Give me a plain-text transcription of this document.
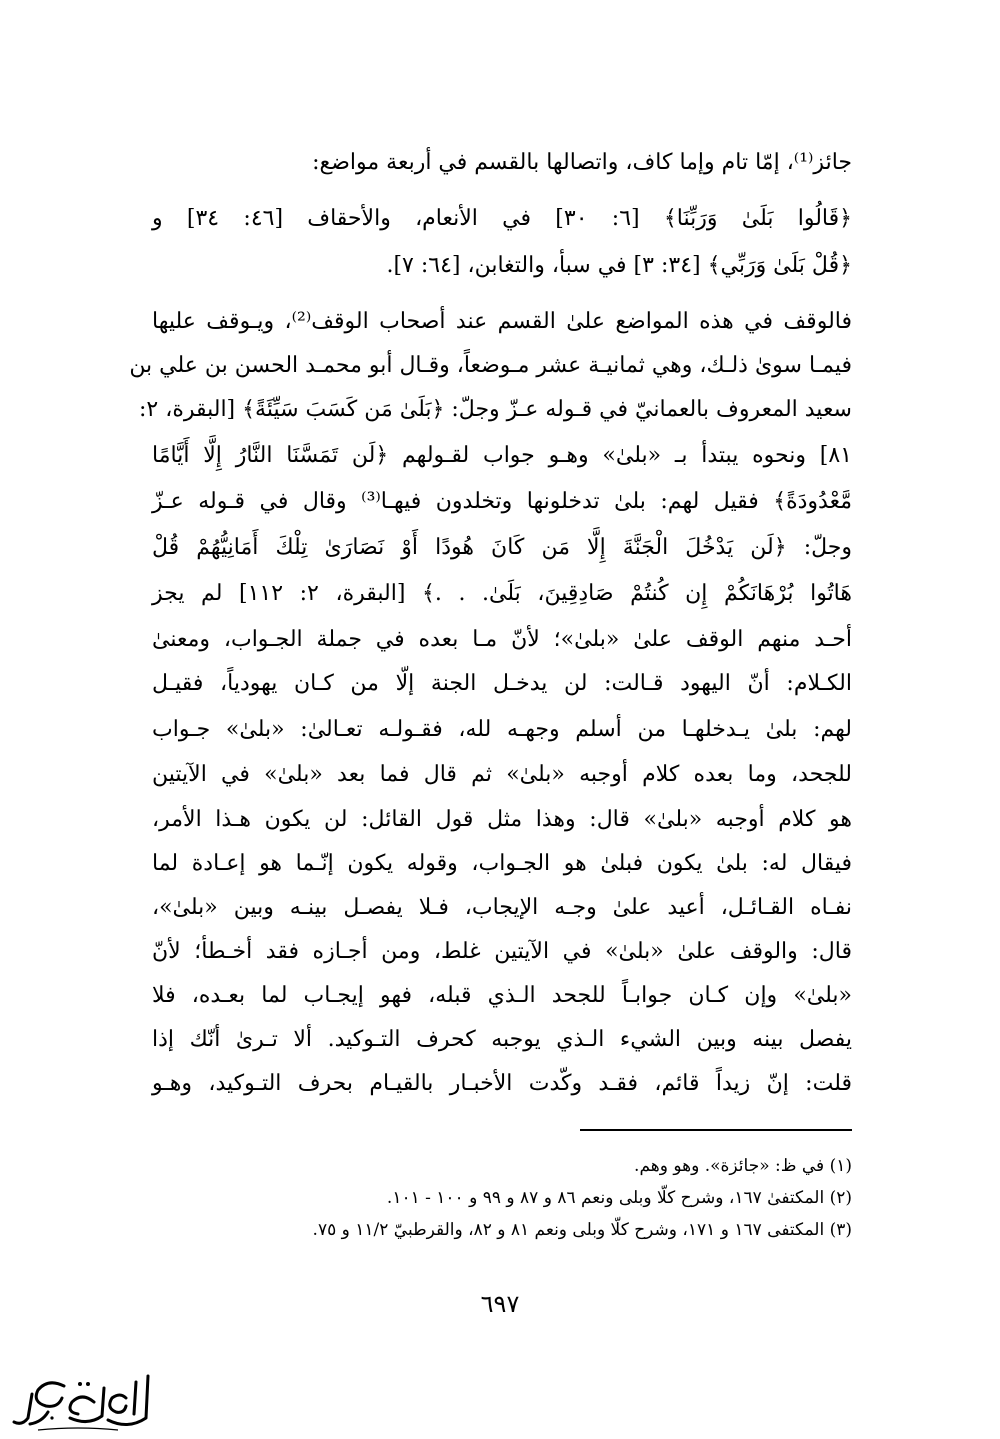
جائز⁽¹⁾، إمّا تام وإما كاف، واتصالها بالقسم في أربعة مواضع:
﴿قَالُوا بَلَىٰ وَرَبِّنَا﴾ [٦: ٣٠] في الأنعام، والأحقاف [٤٦: ٣٤] و
﴿قُلْ بَلَىٰ وَرَبِّي﴾ [٣٤: ٣] في سبأ، والتغابن، [٦٤: ٧].
فالوقف في هذه المواضع علىٰ القسم عند أصحاب الوقف⁽²⁾، ويـوقف عليها
فيمـا سوىٰ ذلـك، وهي ثمانيـة عشر مـوضعاً، وقـال أبو محمـد الحسن بن علي بن
سعيد المعروف بالعمانيّ في قـوله عـزّ وجلّ: ﴿بَلَىٰ مَن كَسَبَ سَيِّئَةً﴾ [البقرة، ٢:
٨١] ونحوه يبتدأ بـ «بلىٰ» وهـو جواب لقـولهم ﴿لَن تَمَسَّنَا النَّارُ إِلَّا أَيَّامًا
مَّعْدُودَةً﴾ فقيل لهم: بلىٰ تدخلونها وتخلدون فيهـا⁽³⁾ وقال في قـوله عـزّ
وجلّ: ﴿لَن يَدْخُلَ الْجَنَّةَ إِلَّا مَن كَانَ هُودًا أَوْ نَصَارَىٰ تِلْكَ أَمَانِيُّهُمْ قُلْ
هَاتُوا بُرْهَانَكُمْ إِن كُنتُمْ صَادِقِينَ، بَلَىٰ. . .﴾ [البقرة، ٢: ١١٢] لم يجز
أحـد منهم الوقف علىٰ «بلىٰ»؛ لأنّ مـا بعده في جملة الجـواب، ومعنىٰ
الكـلام: أنّ اليهود قـالت: لن يدخـل الجنة إلّا من كـان يهودياً، فقيـل
لهم: بلىٰ يـدخلهـا من أسلم وجهـه لله، فقـولـه تعـالىٰ: «بلىٰ» جـواب
للجحد، وما بعده كلام أوجبه «بلىٰ» ثم قال فما بعد «بلىٰ» في الآيتين
هو كلام أوجبه «بلىٰ» قال: وهذا مثل قول القائل: لن يكون هـذا الأمر،
فيقال له: بلىٰ يكون فبلىٰ هو الجـواب، وقوله يكون إنّـما هو إعـادة لما
نفـاه القـائـل، أعيد علىٰ وجـه الإيجاب، فـلا يفصـل بينـه وبين «بلىٰ»،
قال: والوقف علىٰ «بلىٰ» في الآيتين غلط، ومن أجـازه فقد أخـطأ؛ لأنّ
«بلىٰ» وإن كـان جوابـاً للجحد الـذي قبله، فهو إيجـاب لما بعـده، فلا
يفصل بينه وبين الشيء الـذي يوجبه كحرف التـوكيد. ألا تـرىٰ أنّك إذا
قلت: إنّ زيداً قائم، فقـد وكّدت الأخبـار بالقيـام بحرف التـوكيد، وهـو
(١) في ظ: «جائزة». وهو وهم.
(٢) المكتفىٰ ١٦٧، وشرح كلّا وبلى ونعم ٨٦ و ٨٧ و ٩٩ و ١٠٠ - ١٠١.
(٣) المكتفى ١٦٧ و ١٧١، وشرح كلّا وبلى ونعم ٨١ و ٨٢، والقرطبيّ ١١/٢ و ٧٥.
٦٩٧
